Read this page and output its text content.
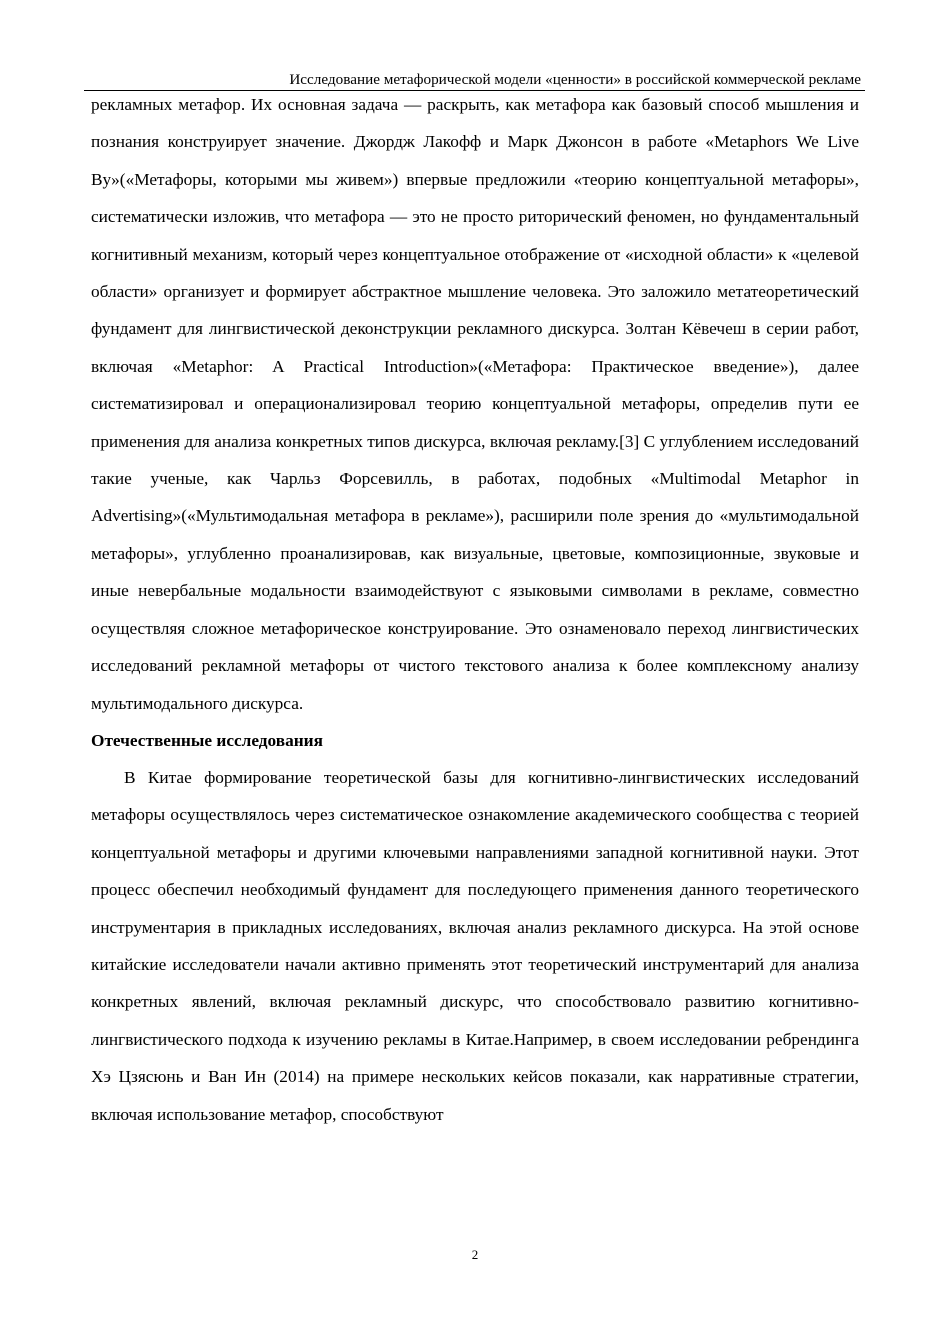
Исследование метафорической модели «ценности» в российской коммерческой рекламе

рекламных метафор. Их основная задача — раскрыть, как метафора как базовый способ мышления и познания конструирует значение. Джордж Лакофф и Марк Джонсон в работе «Metaphors We Live By»(«Метафоры, которыми мы живем») впервые предложили «теорию концептуальной метафоры», систематически изложив, что метафора — это не просто риторический феномен, но фундаментальный когнитивный механизм, который через концептуальное отображение от «исходной области» к «целевой области» организует и формирует абстрактное мышление человека. Это заложило метатеоретический фундамент для лингвистической деконструкции рекламного дискурса. Золтан Кёвечеш в серии работ, включая «Metaphor: A Practical Introduction»(«Метафора: Практическое введение»), далее систематизировал и операционализировал теорию концептуальной метафоры, определив пути ее применения для анализа конкретных типов дискурса, включая рекламу.[3] С углублением исследований такие ученые, как Чарльз Форсевилль, в работах, подобных «Multimodal Metaphor in Advertising»(«Мультимодальная метафора в рекламе»), расширили поле зрения до «мультимодальной метафоры», углубленно проанализировав, как визуальные, цветовые, композиционные, звуковые и иные невербальные модальности взаимодействуют с языковыми символами в рекламе, совместно осуществляя сложное метафорическое конструирование. Это ознаменовало переход лингвистических исследований рекламной метафоры от чистого текстового анализа к более комплексному анализу мультимодального дискурса.

Отечественные исследования

В Китае формирование теоретической базы для когнитивно-лингвистических исследований метафоры осуществлялось через систематическое ознакомление академического сообщества с теорией концептуальной метафоры и другими ключевыми направлениями западной когнитивной науки. Этот процесс обеспечил необходимый фундамент для последующего применения данного теоретического инструментария в прикладных исследованиях, включая анализ рекламного дискурса. На этой основе китайские исследователи начали активно применять этот теоретический инструментарий для анализа конкретных явлений, включая рекламный дискурс, что способствовало развитию когнитивно-лингвистического подхода к изучению рекламы в Китае.Например, в своем исследовании ребрендинга Хэ Цзясюнь и Ван Ин (2014) на примере нескольких кейсов показали, как нарративные стратегии, включая использование метафор, способствуют

2
